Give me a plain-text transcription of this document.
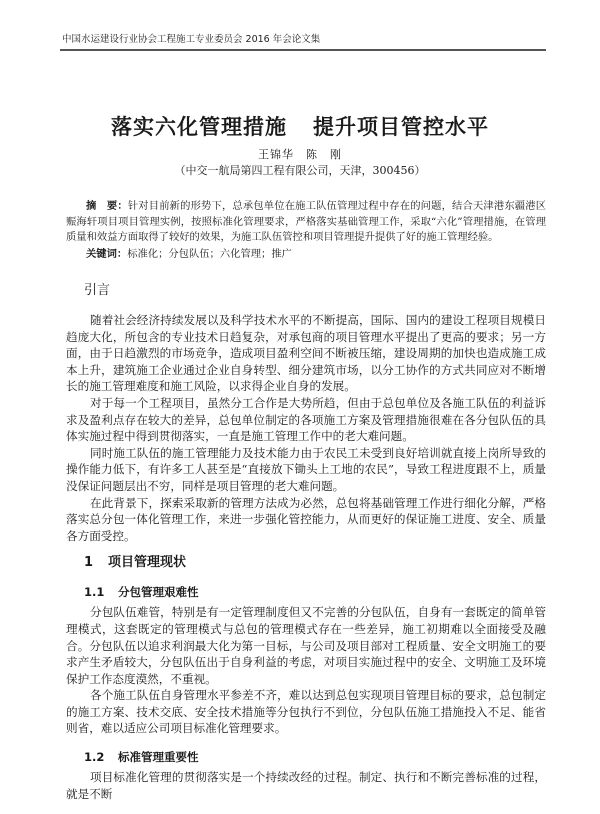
中国水运建设行业协会工程施工专业委员会 2016 年会论文集
落实六化管理措施 提升项目管控水平
王锦华　陈　刚
（中交一航局第四工程有限公司，天津，300456）
摘　要：针对目前新的形势下，总承包单位在施工队伍管理过程中存在的问题，结合天津港东疆港区赈海轩项目项目管理实例，按照标准化管理要求，严格落实基础管理工作，采取“六化”管理措施，在管理质量和效益方面取得了较好的效果，为施工队伍管控和项目管理提升提供了好的施工管理经验。
关键词：标准化；分包队伍；六化管理；推广
引言

随着社会经济持续发展以及科学技术水平的不断提高，国际、国内的建设工程项目规模日趋庞大化，所包含的专业技术日趋复杂，对承包商的项目管理水平提出了更高的要求；另一方面，由于日趋激烈的市场竞争，造成项目盈利空间不断被压缩，建设周期的加快也造成施工成本上升，建筑施工企业通过企业自身转型、细分建筑市场，以分工协作的方式共同应对不断增长的施工管理难度和施工风险，以求得企业自身的发展。

对于每一个工程项目，虽然分工合作是大势所趋，但由于总包单位及各施工队伍的利益诉求及盈利点存在较大的差异，总包单位制定的各项施工方案及管理措施很难在各分包队伍的具体实施过程中得到贯彻落实，一直是施工管理工作中的老大难问题。

同时施工队伍的施工管理能力及技术能力由于农民工未受到良好培训就直接上岗所导致的操作能力低下，有许多工人甚至是“直接放下锄头上工地的农民”，导致工程进度跟不上，质量没保证问题层出不穷，同样是项目管理的老大难问题。

在此背景下，探索采取新的管理方法成为必然，总包将基础管理工作进行细化分解，严格落实总分包一体化管理工作，来进一步强化管控能力，从而更好的保证施工进度、安全、质量各方面受控。

1 项目管理现状
1.1 分包管理艰难性

分包队伍难管，特别是有一定管理制度但又不完善的分包队伍，自身有一套既定的简单管理模式，这套既定的管理模式与总包的管理模式存在一些差异，施工初期难以全面接受及融合。分包队伍以追求利润最大化为第一目标，与公司及项目部对工程质量、安全文明施工的要求产生矛盾较大，分包队伍出于自身利益的考虑，对项目实施过程中的安全、文明施工及环境保护工作态度漠然，不重视。

各个施工队伍自身管理水平参差不齐，难以达到总包实现项目管理目标的要求，总包制定的施工方案、技术交底、安全技术措施等分包执行不到位，分包队伍施工措施投入不足、能省则省，难以适应公司项目标准化管理要求。

1.2 标准管理重要性

项目标准化管理的贯彻落实是一个持续改经的过程。制定、执行和不断完善标准的过程，就是不断
